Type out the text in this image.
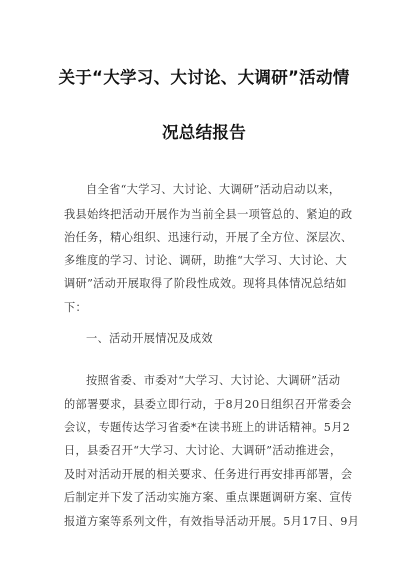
关于“大学习、大讨论、大调研”活动情
况总结报告
自全省“大学习、大讨论、大调研”活动启动以来，
我县始终把活动开展作为当前全县一项管总的、紧迫的政
治任务，精心组织、迅速行动，开展了全方位、深层次、
多维度的学习、讨论、调研，助推“大学习、大讨论、大
调研”活动开展取得了阶段性成效。现将具体情况总结如
下：
一、活动开展情况及成效
按照省委、市委对“大学习、大讨论、大调研”活动
的部署要求，县委立即行动，于8月20日组织召开常委会
会议，专题传达学习省委*在读书班上的讲话精神。5月2
日，县委召开“大学习、大讨论、大调研”活动推进会，
及时对活动开展的相关要求、任务进行再安排再部署，会
后制定并下发了活动实施方案、重点课题调研方案、宣传
报道方案等系列文件，有效指导活动开展。5月17日、9月
